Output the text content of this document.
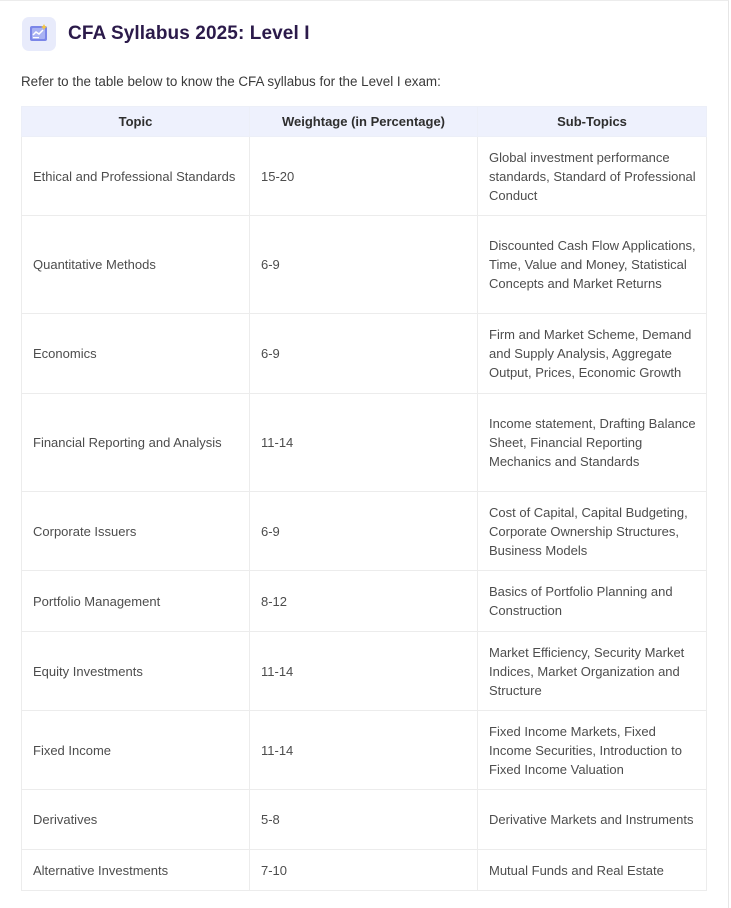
CFA Syllabus 2025: Level I
Refer to the table below to know the CFA syllabus for the Level I exam:
Topic	Weightage (in Percentage)	Sub-Topics
Ethical and Professional Standards	15-20	Global investment performance standards, Standard of Professional Conduct
Quantitative Methods	6-9	Discounted Cash Flow Applications, Time, Value and Money, Statistical Concepts and Market Returns
Economics	6-9	Firm and Market Scheme, Demand and Supply Analysis, Aggregate Output, Prices, Economic Growth
Financial Reporting and Analysis	11-14	Income statement, Drafting Balance Sheet, Financial Reporting Mechanics and Standards
Corporate Issuers	6-9	Cost of Capital, Capital Budgeting, Corporate Ownership Structures, Business Models
Portfolio Management	8-12	Basics of Portfolio Planning and Construction
Equity Investments	11-14	Market Efficiency, Security Market Indices, Market Organization and Structure
Fixed Income	11-14	Fixed Income Markets, Fixed Income Securities, Introduction to Fixed Income Valuation
Derivatives	5-8	Derivative Markets and Instruments
Alternative Investments	7-10	Mutual Funds and Real Estate
